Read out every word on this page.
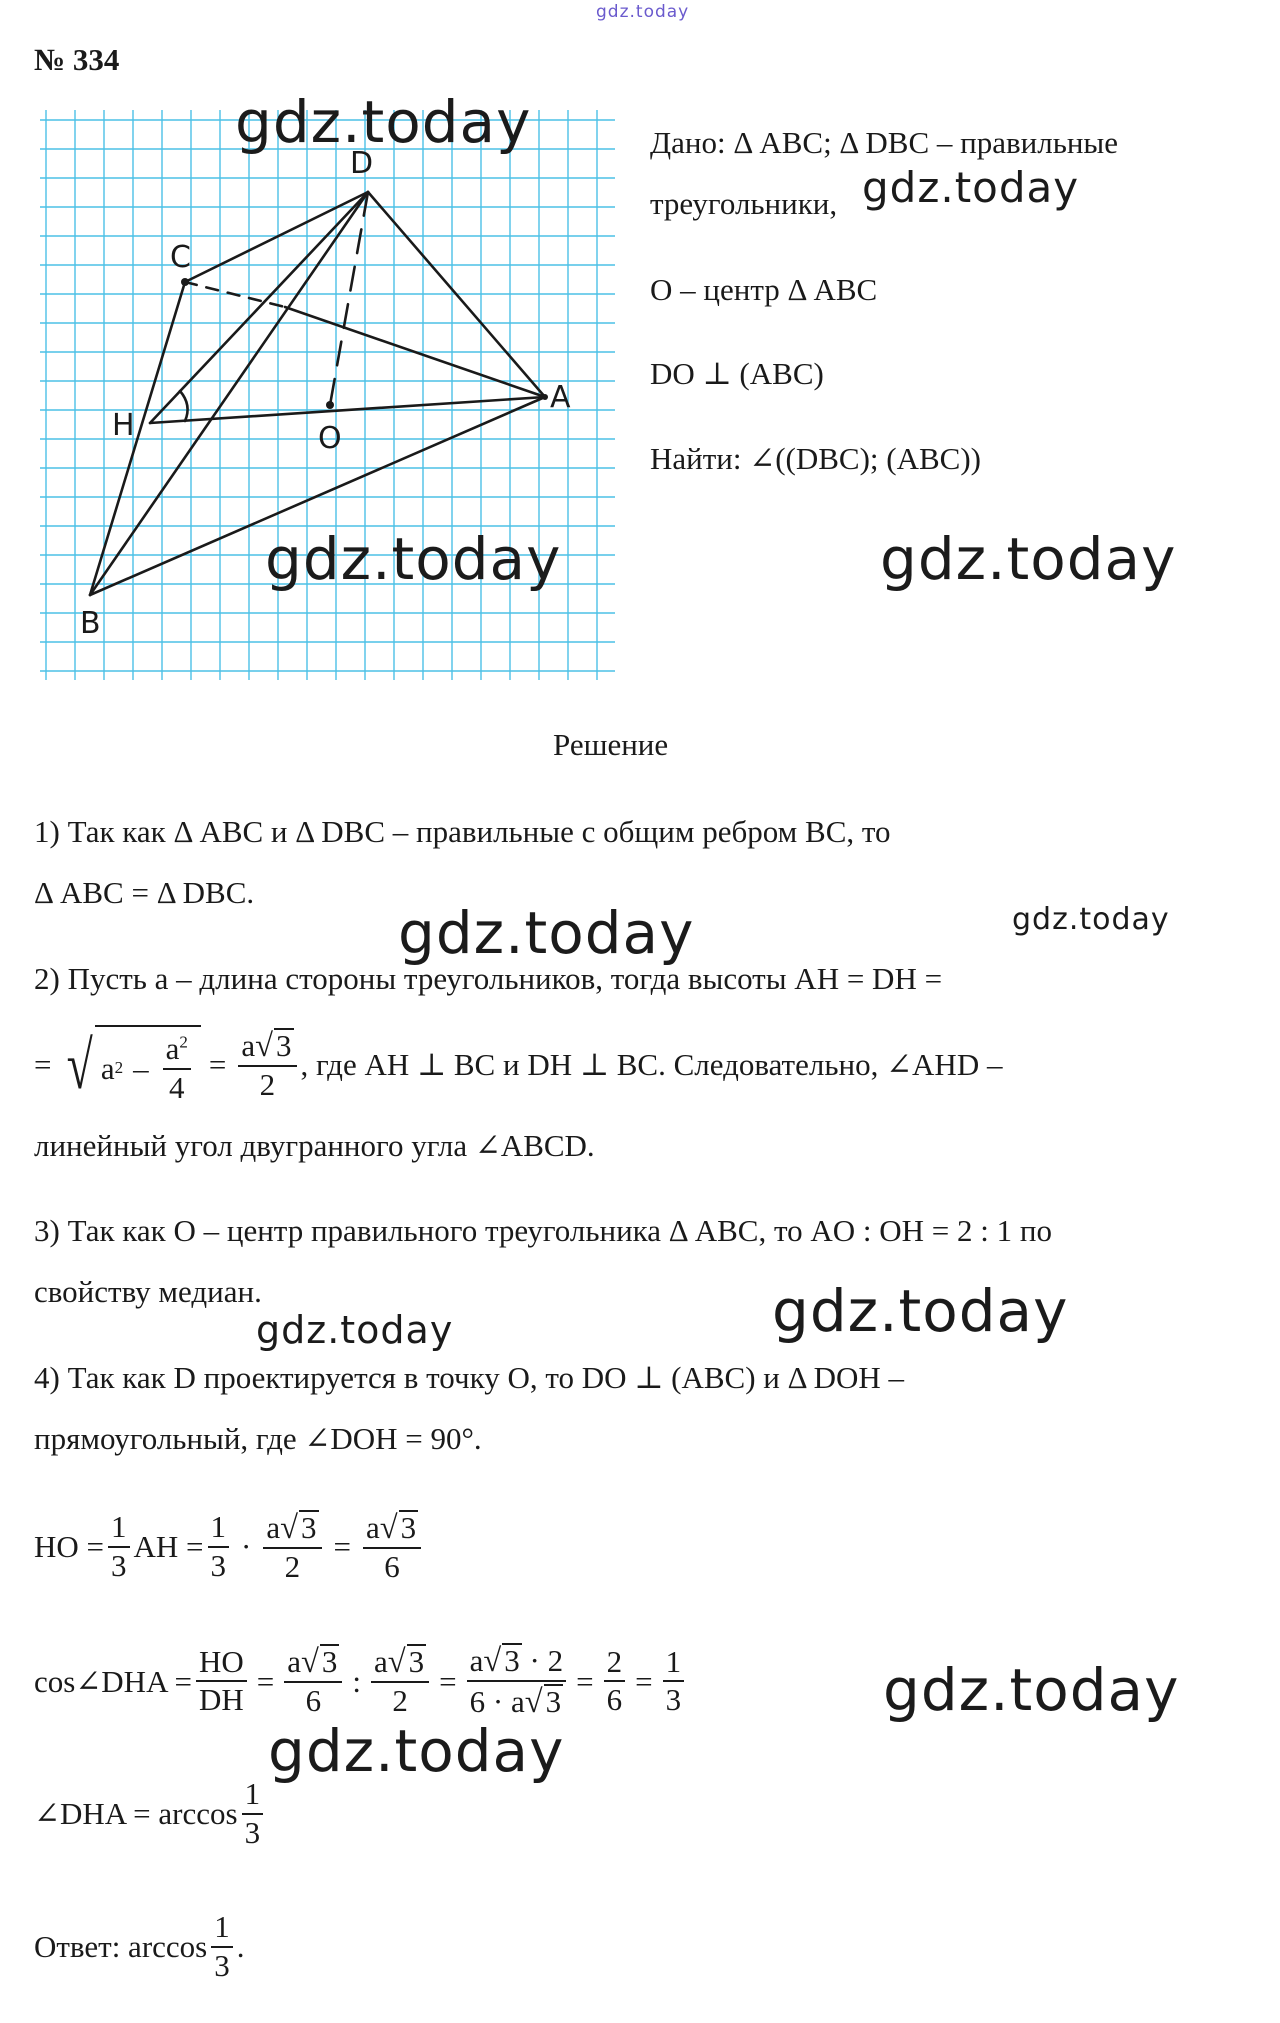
gdz.today
№ 334
D
C
H	O
A
B
Дано: Δ ABC; Δ DBC – правильные
треугольники,
O – центр Δ ABC
DO ⊥ (ABC)
Найти: ∠((DBC); (ABC))
Решение
1) Так как Δ ABC и Δ DBC – правильные с общим ребром BC, то
Δ ABC = Δ DBC.
2) Пусть a – длина стороны треугольников, тогда высоты AH = DH =
= √ a $2 - \frac{a^2}{4} = \frac{a√3}{2}$ , где AH ⊥ BC и DH ⊥ BC. Следовательно, ∠AHD –
линейный угол двугранного угла ∠ABCD.
3) Так как O – центр правильного треугольника Δ ABC, то AO : OH = 2 : 1 по
свойству медиан.
4) Так как D проектируется в точку O, то DO ⊥ (ABC) и Δ DOH –
прямоугольный, где ∠DOH = 90°.
HO = $\frac{1}{3}$ AH = $\frac{1}{3} \cdot \frac{a√3}{2} = \frac{a√3}{6}$
cos∠DHA = $\frac{HO}{DH} = \frac{a√3}{6}$ : $\frac{a√3}{2} = \frac{a√3 \cdot 2}{6 \cdot a√3} = \frac{2}{6} = \frac{1}{3}$
∠DHA = $\arccos \frac{1}{3}$
Ответ: $\arccos \frac{1}{3}$ .
gdz.today
gdz.today
gdz.today	gdz.today
gdz.today	gdz.today
gdz.today
gdz.today
gdz.today
gdz.today
